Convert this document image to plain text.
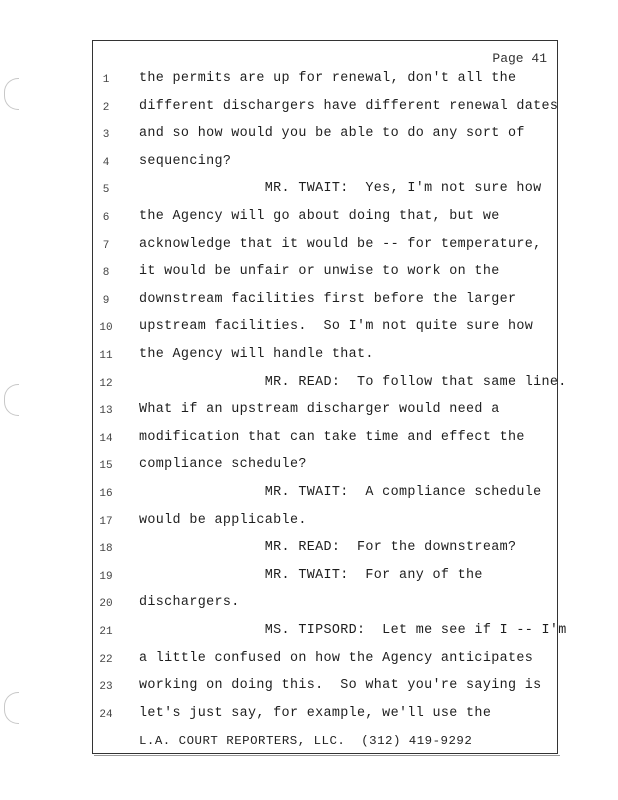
Page 41
1	the permits are up for renewal, don't all the
2	different dischargers have different renewal dates
3	and so how would you be able to do any sort of
4	sequencing?
5	MR. TWAIT:  Yes, I'm not sure how
6	the Agency will go about doing that, but we
7	acknowledge that it would be -- for temperature,
8	it would be unfair or unwise to work on the
9	downstream facilities first before the larger
10	upstream facilities.  So I'm not quite sure how
11	the Agency will handle that.
12	MR. READ:  To follow that same line.
13	What if an upstream discharger would need a
14	modification that can take time and effect the
15	compliance schedule?
16	MR. TWAIT:  A compliance schedule
17	would be applicable.
18	MR. READ:  For the downstream?
19	MR. TWAIT:  For any of the
20	dischargers.
21	MS. TIPSORD:  Let me see if I -- I'm
22	a little confused on how the Agency anticipates
23	working on doing this.  So what you're saying is
24	let's just say, for example, we'll use the
L.A. COURT REPORTERS, LLC.  (312) 419-9292
